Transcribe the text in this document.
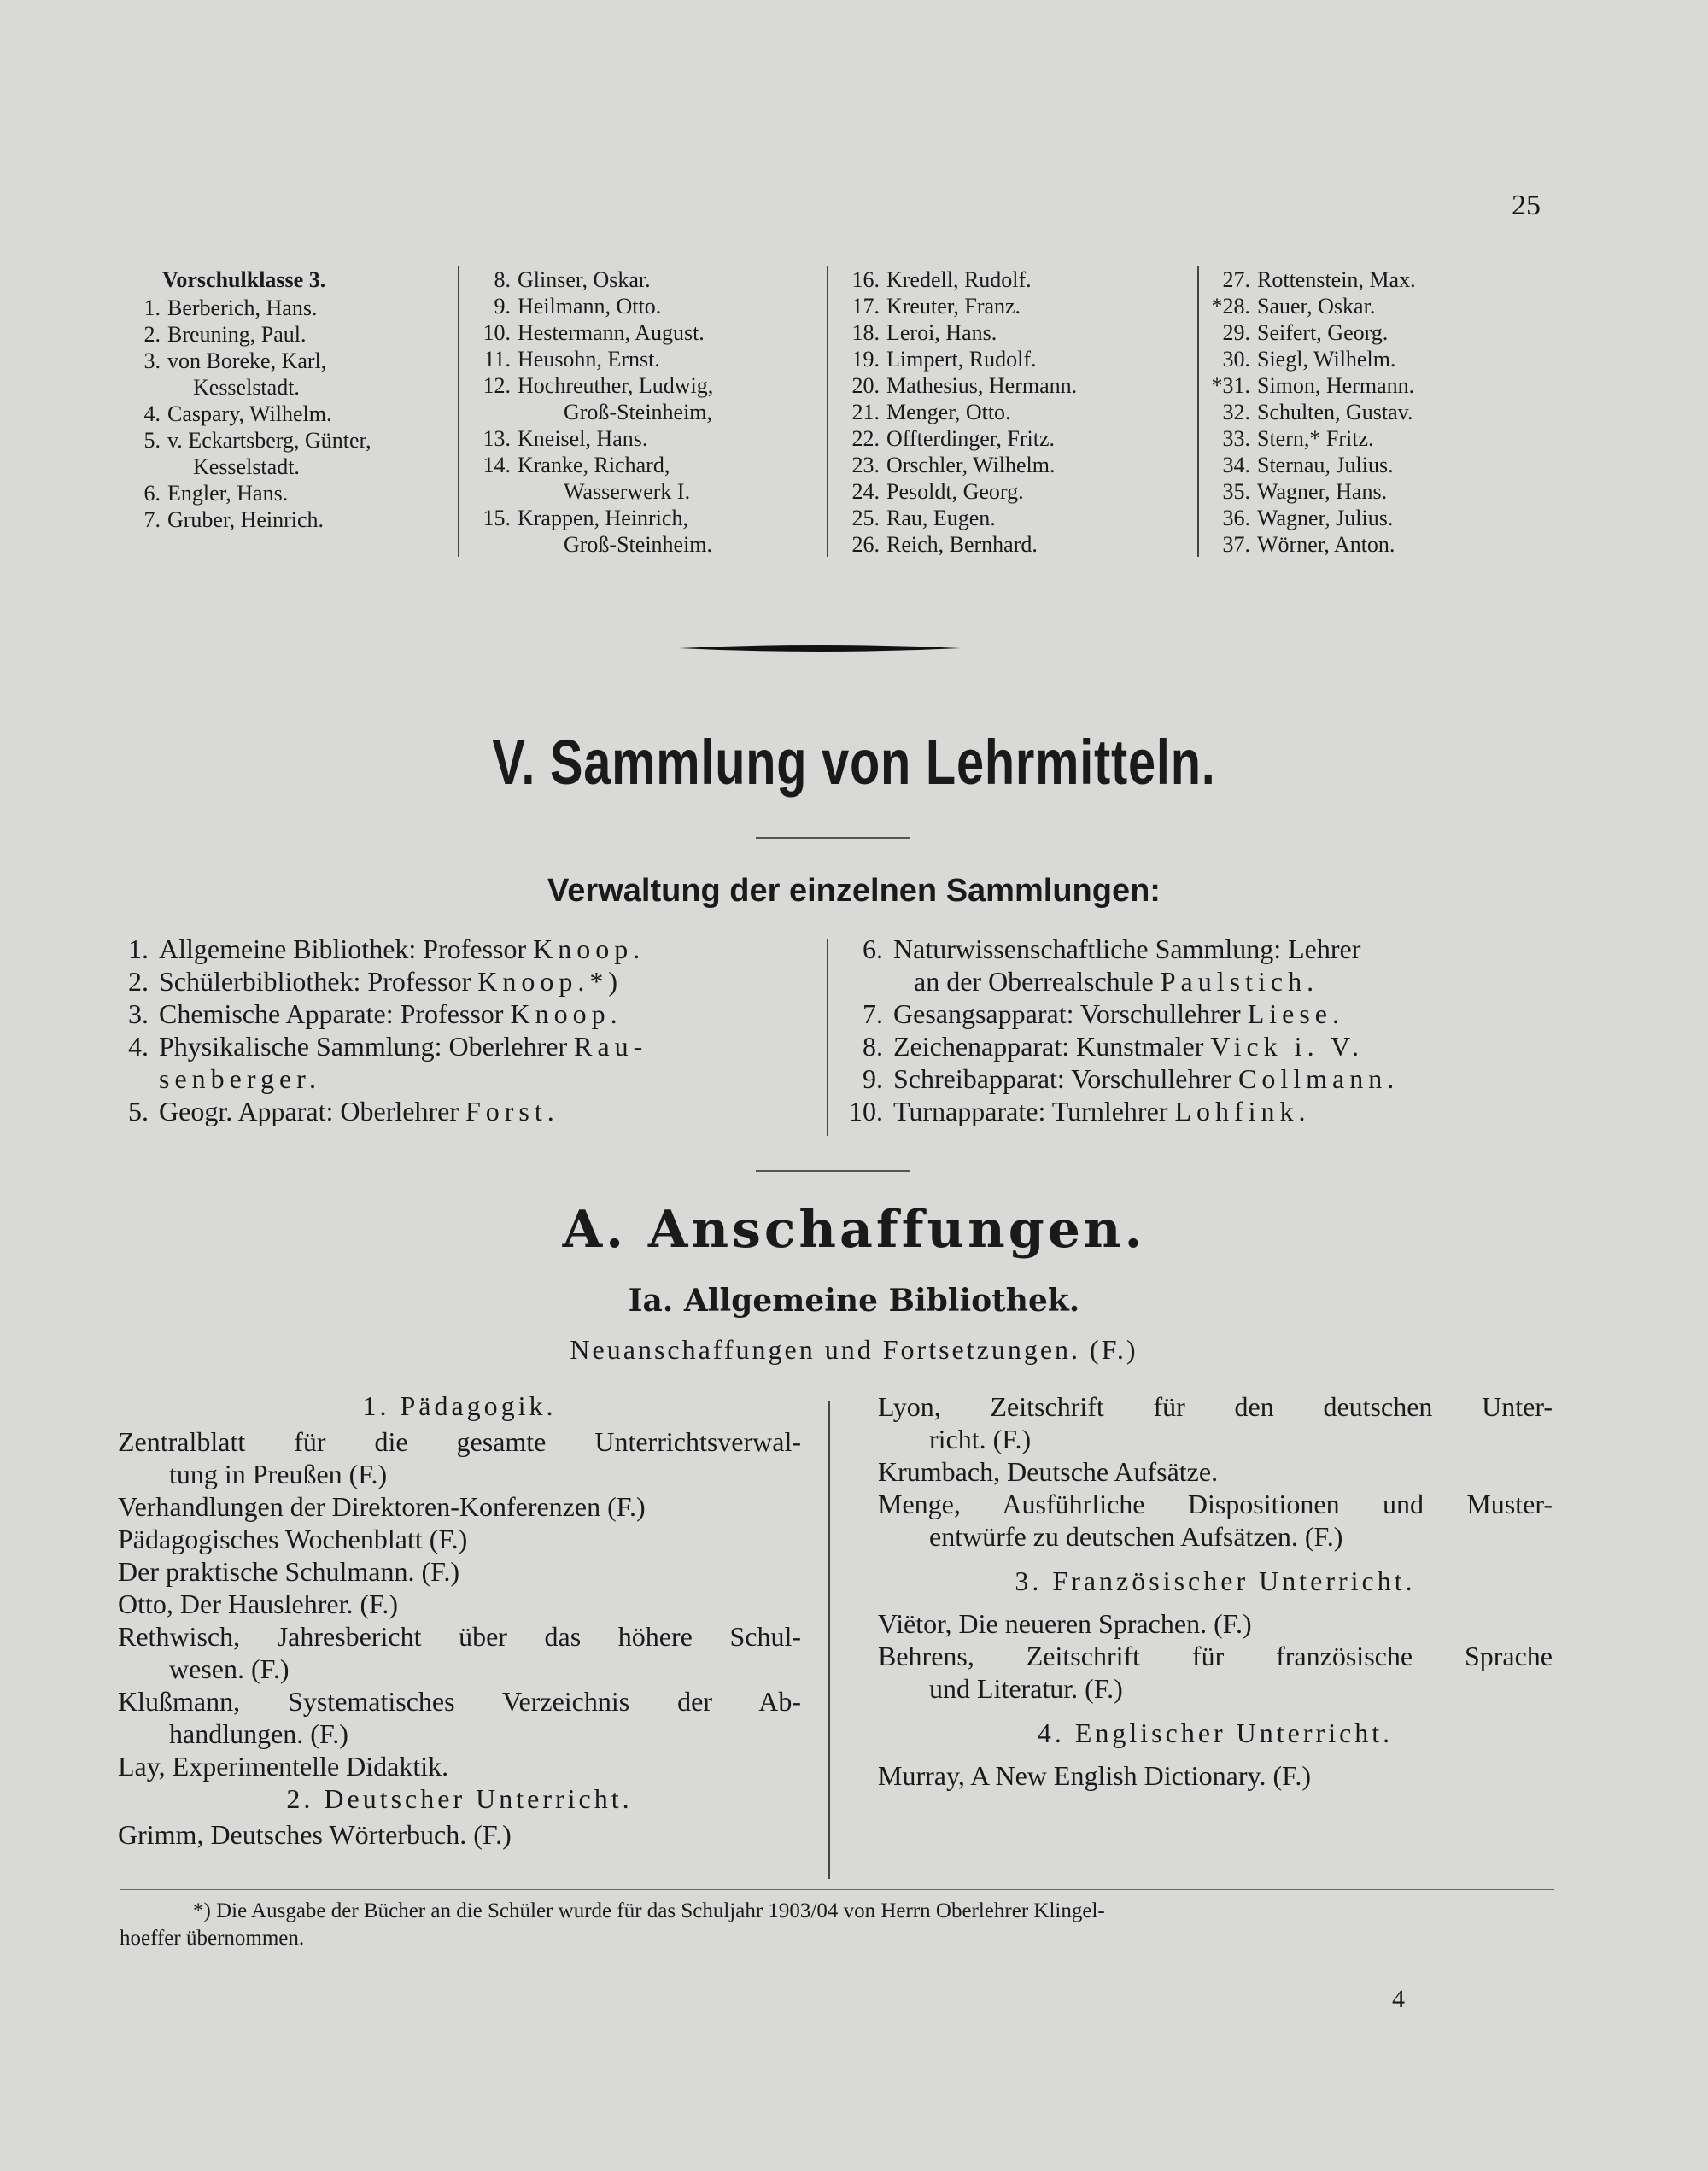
25
Vorschulklasse 3.
1. Berberich, Hans.
2. Breuning, Paul.
3. von Boreke, Karl,
Kesselstadt.
4. Caspary, Wilhelm.
5. v. Eckartsberg, Günter,
Kesselstadt.
6. Engler, Hans.
7. Gruber, Heinrich.
8. Glinser, Oskar.
9. Heilmann, Otto.
10. Hestermann, August.
11. Heusohn, Ernst.
12. Hochreuther, Ludwig,
Groß-Steinheim,
13. Kneisel, Hans.
14. Kranke, Richard,
Wasserwerk I.
15. Krappen, Heinrich,
Groß-Steinheim.
16. Kredell, Rudolf.
17. Kreuter, Franz.
18. Leroi, Hans.
19. Limpert, Rudolf.
20. Mathesius, Hermann.
21. Menger, Otto.
22. Offterdinger, Fritz.
23. Orschler, Wilhelm.
24. Pesoldt, Georg.
25. Rau, Eugen.
26. Reich, Bernhard.
27. Rottenstein, Max.
*28. Sauer, Oskar.
29. Seifert, Georg.
30. Siegl, Wilhelm.
*31. Simon, Hermann.
32. Schulten, Gustav.
33. Stern,* Fritz.
34. Sternau, Julius.
35. Wagner, Hans.
36. Wagner, Julius.
37. Wörner, Anton.
V. Sammlung von Lehrmitteln.
Verwaltung der einzelnen Sammlungen:
1. Allgemeine Bibliothek: Professor Knoop.
2. Schülerbibliothek: Professor Knoop.*)
3. Chemische Apparate: Professor Knoop.
4. Physikalische Sammlung: Oberlehrer Rau-
senberger.
5. Geogr. Apparat: Oberlehrer Forst.
6. Naturwissenschaftliche Sammlung: Lehrer
an der Oberrealschule Paulstich.
7. Gesangsapparat: Vorschullehrer Liese.
8. Zeichenapparat: Kunstmaler Vick i. V.
9. Schreibapparat: Vorschullehrer Collmann.
10. Turnapparate: Turnlehrer Lohfink.
A. Anschaffungen.
Ia. Allgemeine Bibliothek.
Neuanschaffungen und Fortsetzungen. (F.)
1. Pädagogik.
Zentralblatt für die gesamte Unterrichtsverwal-
tung in Preußen (F.)
Verhandlungen der Direktoren-Konferenzen (F.)
Pädagogisches Wochenblatt (F.)
Der praktische Schulmann. (F.)
Otto, Der Hauslehrer. (F.)
Rethwisch, Jahresbericht über das höhere Schul-
wesen. (F.)
Klußmann, Systematisches Verzeichnis der Ab-
handlungen. (F.)
Lay, Experimentelle Didaktik.
2. Deutscher Unterricht.
Grimm, Deutsches Wörterbuch. (F.)
Lyon, Zeitschrift für den deutschen Unter-
richt. (F.)
Krumbach, Deutsche Aufsätze.
Menge, Ausführliche Dispositionen und Muster-
entwürfe zu deutschen Aufsätzen. (F.)
3. Französischer Unterricht.
Viëtor, Die neueren Sprachen. (F.)
Behrens, Zeitschrift für französische Sprache
und Literatur. (F.)
4. Englischer Unterricht.
Murray, A New English Dictionary. (F.)
*) Die Ausgabe der Bücher an die Schüler wurde für das Schuljahr 1903/04 von Herrn Oberlehrer Klingel-
hoeffer übernommen.
4
